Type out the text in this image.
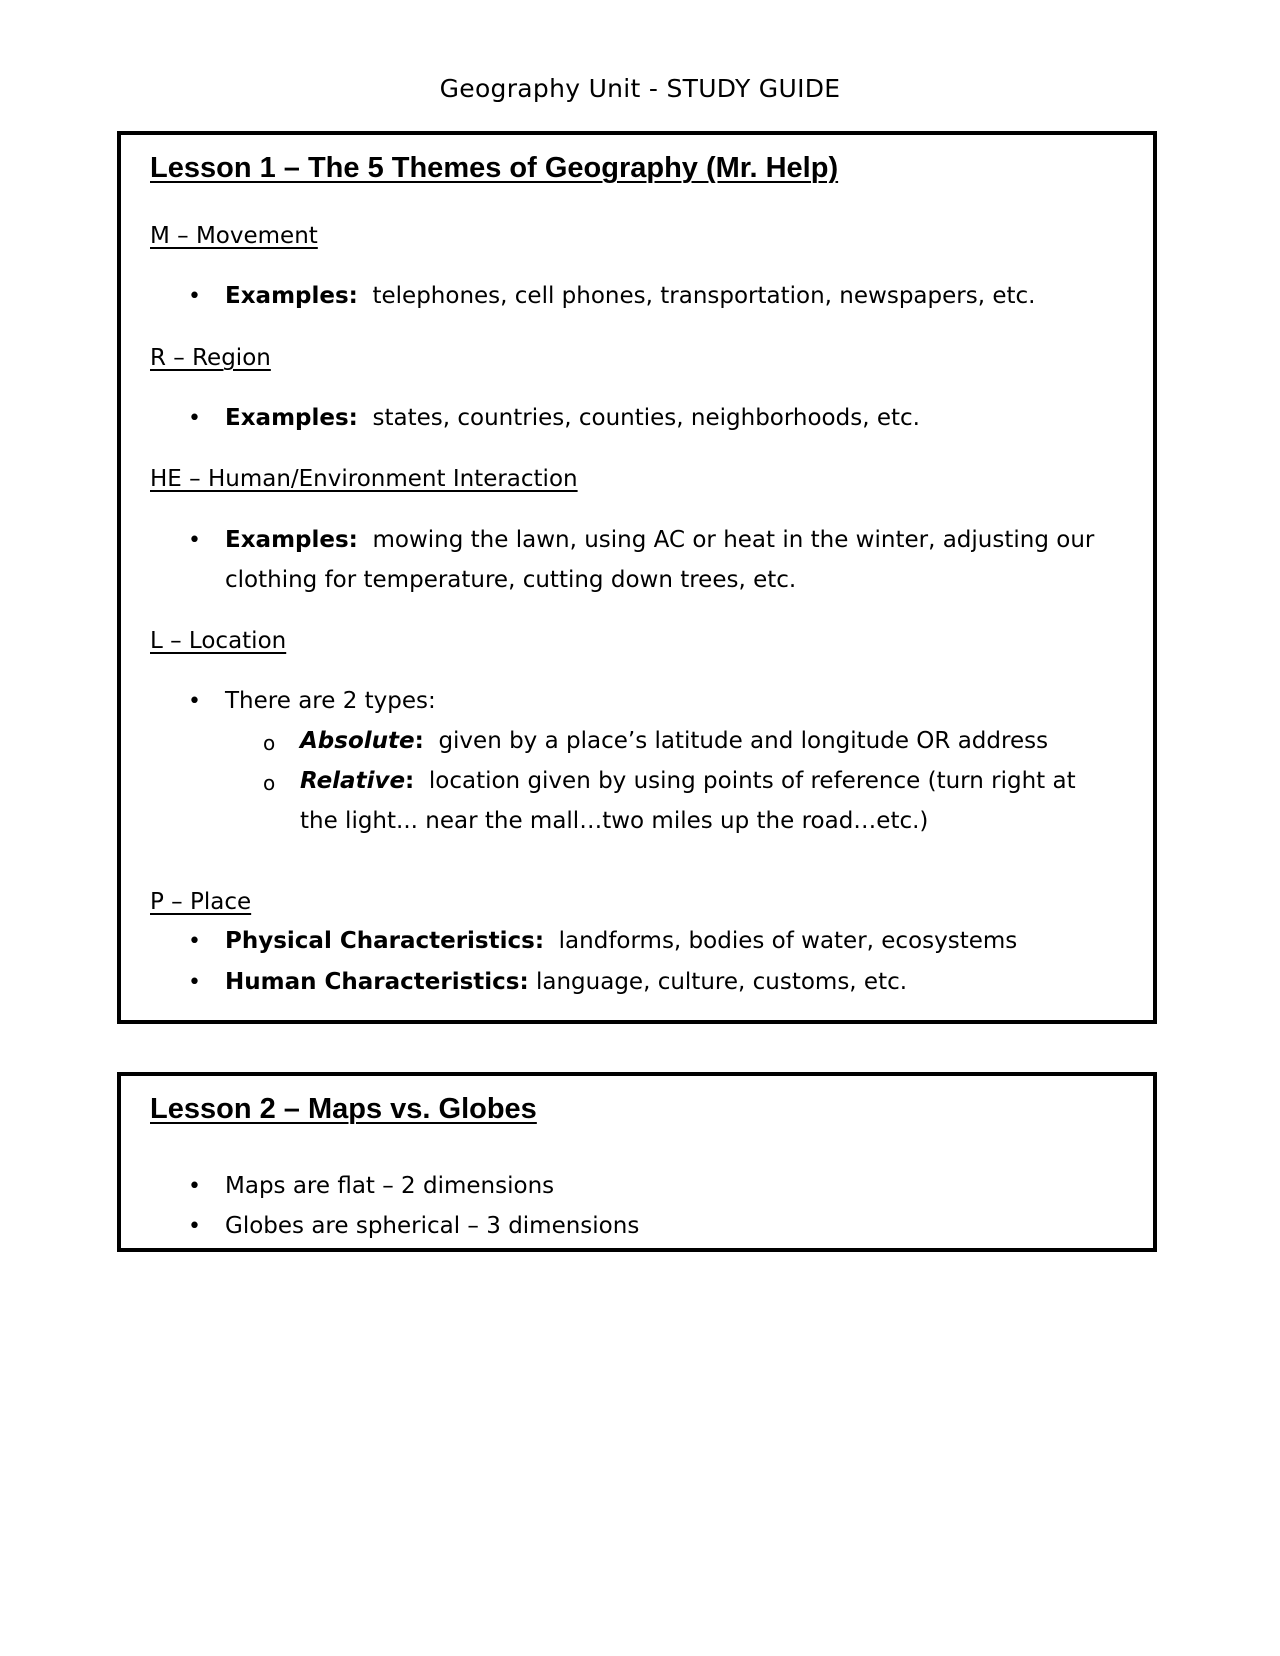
Geography Unit - STUDY GUIDE
Lesson 1 – The 5 Themes of Geography (Mr. Help)
M – Movement
• Examples: telephones, cell phones, transportation, newspapers, etc.
R – Region
• Examples: states, countries, counties, neighborhoods, etc.
HE – Human/Environment Interaction
• Examples: mowing the lawn, using AC or heat in the winter, adjusting our
clothing for temperature, cutting down trees, etc.
L – Location
• There are 2 types:
o Absolute: given by a place’s latitude and longitude OR address
o Relative: location given by using points of reference (turn right at
the light... near the mall…two miles up the road…etc.)
P – Place
• Physical Characteristics: landforms, bodies of water, ecosystems
• Human Characteristics: language, culture, customs, etc.
Lesson 2 – Maps vs. Globes
• Maps are flat – 2 dimensions
• Globes are spherical – 3 dimensions
